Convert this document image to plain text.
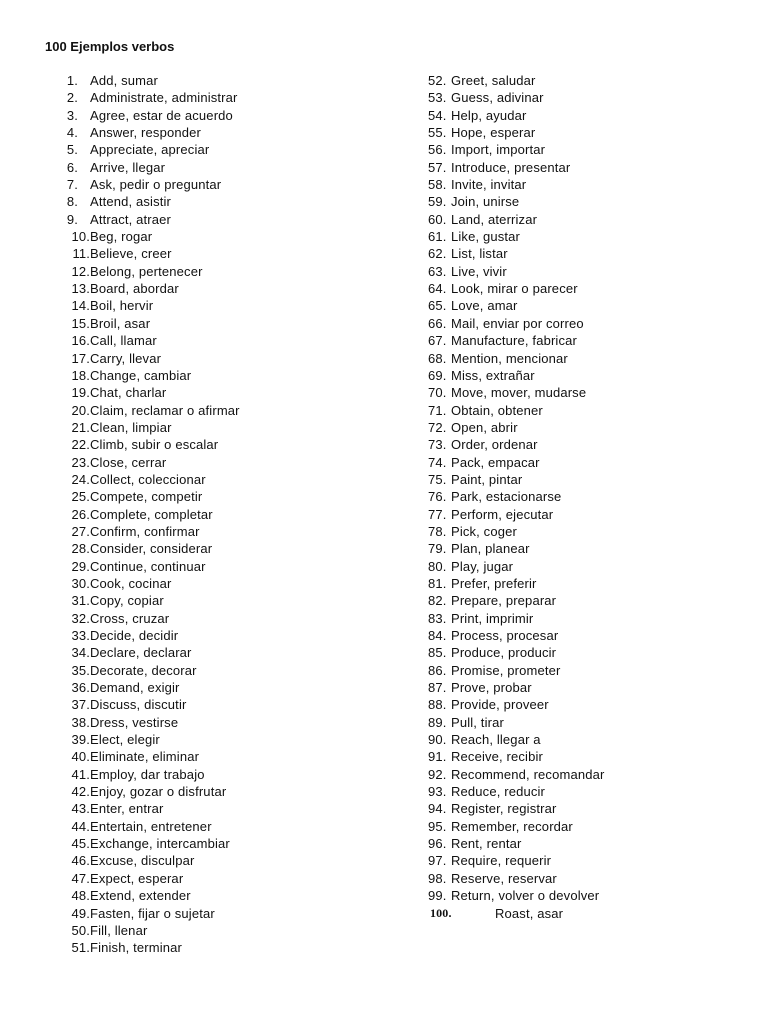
100 Ejemplos verbos
1. Add, sumar
2. Administrate, administrar
3. Agree, estar de acuerdo
4. Answer, responder
5. Appreciate, apreciar
6. Arrive, llegar
7. Ask, pedir o preguntar
8. Attend, asistir
9. Attract, atraer
10. Beg, rogar
11. Believe, creer
12. Belong, pertenecer
13. Board, abordar
14. Boil, hervir
15. Broil, asar
16. Call, llamar
17. Carry, llevar
18. Change, cambiar
19. Chat, charlar
20. Claim, reclamar o afirmar
21. Clean, limpiar
22. Climb, subir o escalar
23. Close, cerrar
24. Collect, coleccionar
25. Compete, competir
26. Complete, completar
27. Confirm, confirmar
28. Consider, considerar
29. Continue, continuar
30. Cook, cocinar
31. Copy, copiar
32. Cross, cruzar
33. Decide, decidir
34. Declare, declarar
35. Decorate, decorar
36. Demand, exigir
37. Discuss, discutir
38. Dress, vestirse
39. Elect, elegir
40. Eliminate, eliminar
41. Employ, dar trabajo
42. Enjoy, gozar o disfrutar
43. Enter, entrar
44. Entertain, entretener
45. Exchange, intercambiar
46. Excuse, disculpar
47. Expect, esperar
48. Extend, extender
49. Fasten, fijar o sujetar
50. Fill, llenar
51. Finish, terminar
52. Greet, saludar
53. Guess, adivinar
54. Help, ayudar
55. Hope, esperar
56. Import, importar
57. Introduce, presentar
58. Invite, invitar
59. Join, unirse
60. Land, aterrizar
61. Like, gustar
62. List, listar
63. Live, vivir
64. Look, mirar o parecer
65. Love, amar
66. Mail, enviar por correo
67. Manufacture, fabricar
68. Mention, mencionar
69. Miss, extrañar
70. Move, mover, mudarse
71. Obtain, obtener
72. Open, abrir
73. Order, ordenar
74. Pack, empacar
75. Paint, pintar
76. Park, estacionarse
77. Perform, ejecutar
78. Pick, coger
79. Plan, planear
80. Play, jugar
81. Prefer, preferir
82. Prepare, preparar
83. Print, imprimir
84. Process, procesar
85. Produce, producir
86. Promise, prometer
87. Prove, probar
88. Provide, proveer
89. Pull, tirar
90. Reach, llegar a
91. Receive, recibir
92. Recommend, recomandar
93. Reduce, reducir
94. Register, registrar
95. Remember, recordar
96. Rent, rentar
97. Require, requerir
98. Reserve, reservar
99. Return, volver o devolver
100.	Roast, asar
